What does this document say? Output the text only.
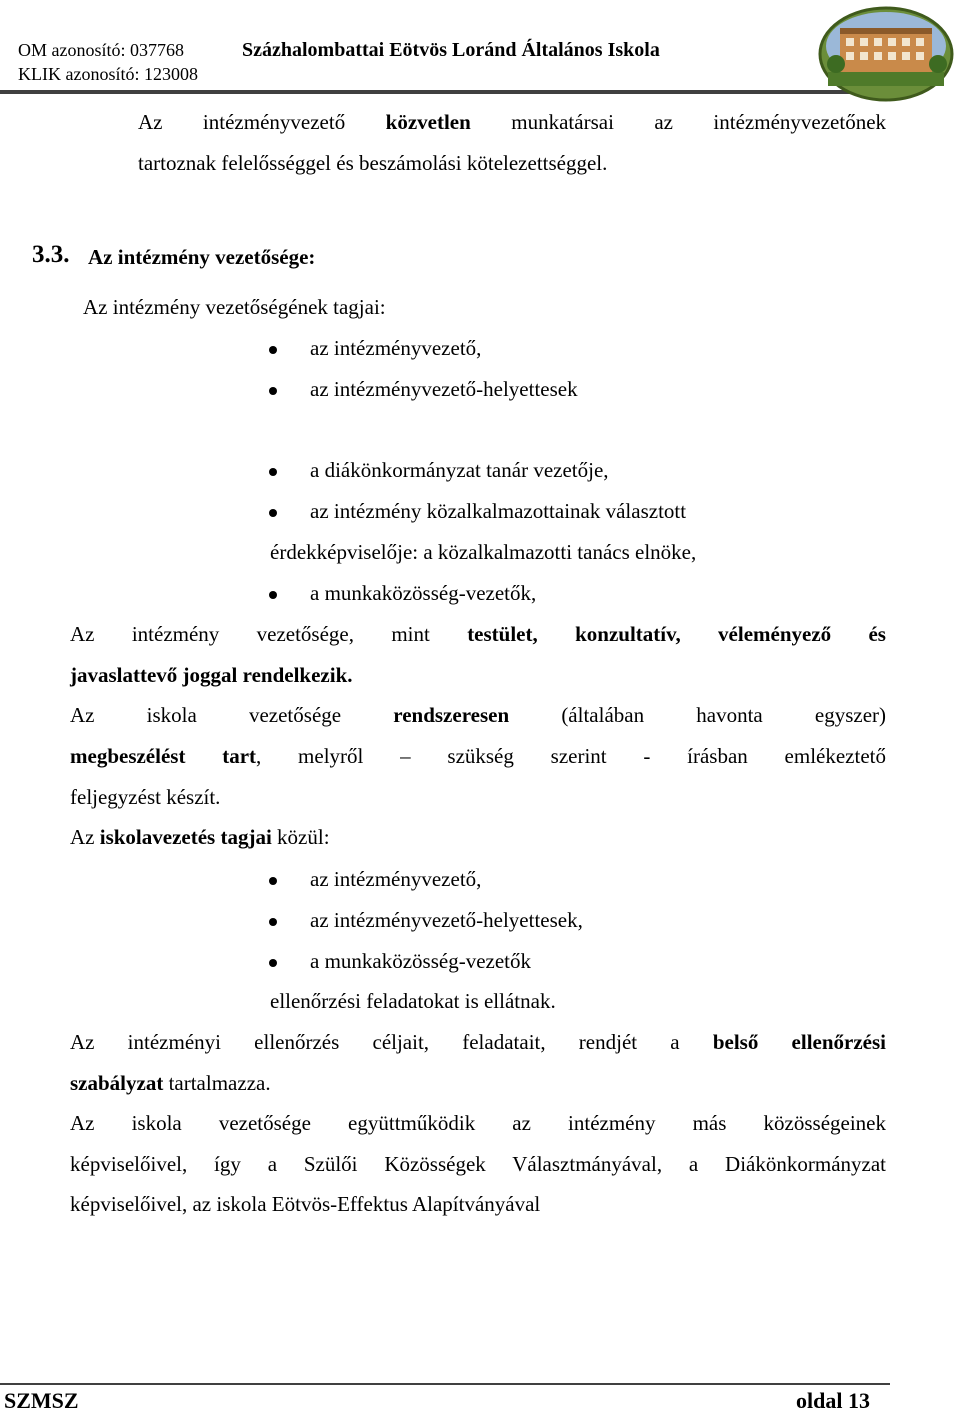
OM azonosító: 037768
KLIK azonosító: 123008
Százhalombattai Eötvös Loránd Általános Iskola
Az intézményvezető közvetlen munkatársai az intézményvezetőnek
tartoznak felelősséggel és beszámolási kötelezettséggel.
3.3. Az intézmény vezetősége:
Az intézmény vezetőségének tagjai:
az intézményvezető,
az intézményvezető-helyettesek
a diákönkormányzat tanár vezetője,
az intézmény közalkalmazottainak választott
érdekképviselője: a közalkalmazotti tanács elnöke,
a munkaközösség-vezetők,
Az intézmény vezetősége, mint testület, konzultatív, véleményező és
javaslattevő joggal rendelkezik.
Az iskola vezetősége rendszeresen (általában havonta egyszer)
megbeszélést tart, melyről – szükség szerint - írásban emlékeztető
feljegyzést készít.
Az iskolavezetés tagjai közül:
az intézményvezető,
az intézményvezető-helyettesek,
a munkaközösség-vezetők
ellenőrzési feladatokat is ellátnak.
Az intézményi ellenőrzés céljait, feladatait, rendjét a belső ellenőrzési
szabályzat tartalmazza.
Az iskola vezetősége együttműködik az intézmény más közösségeinek
képviselőivel, így a Szülői Közösségek Választmányával, a Diákönkormányzat
képviselőivel, az iskola Eötvös-Effektus Alapítványával
SZMSZ	oldal 13
